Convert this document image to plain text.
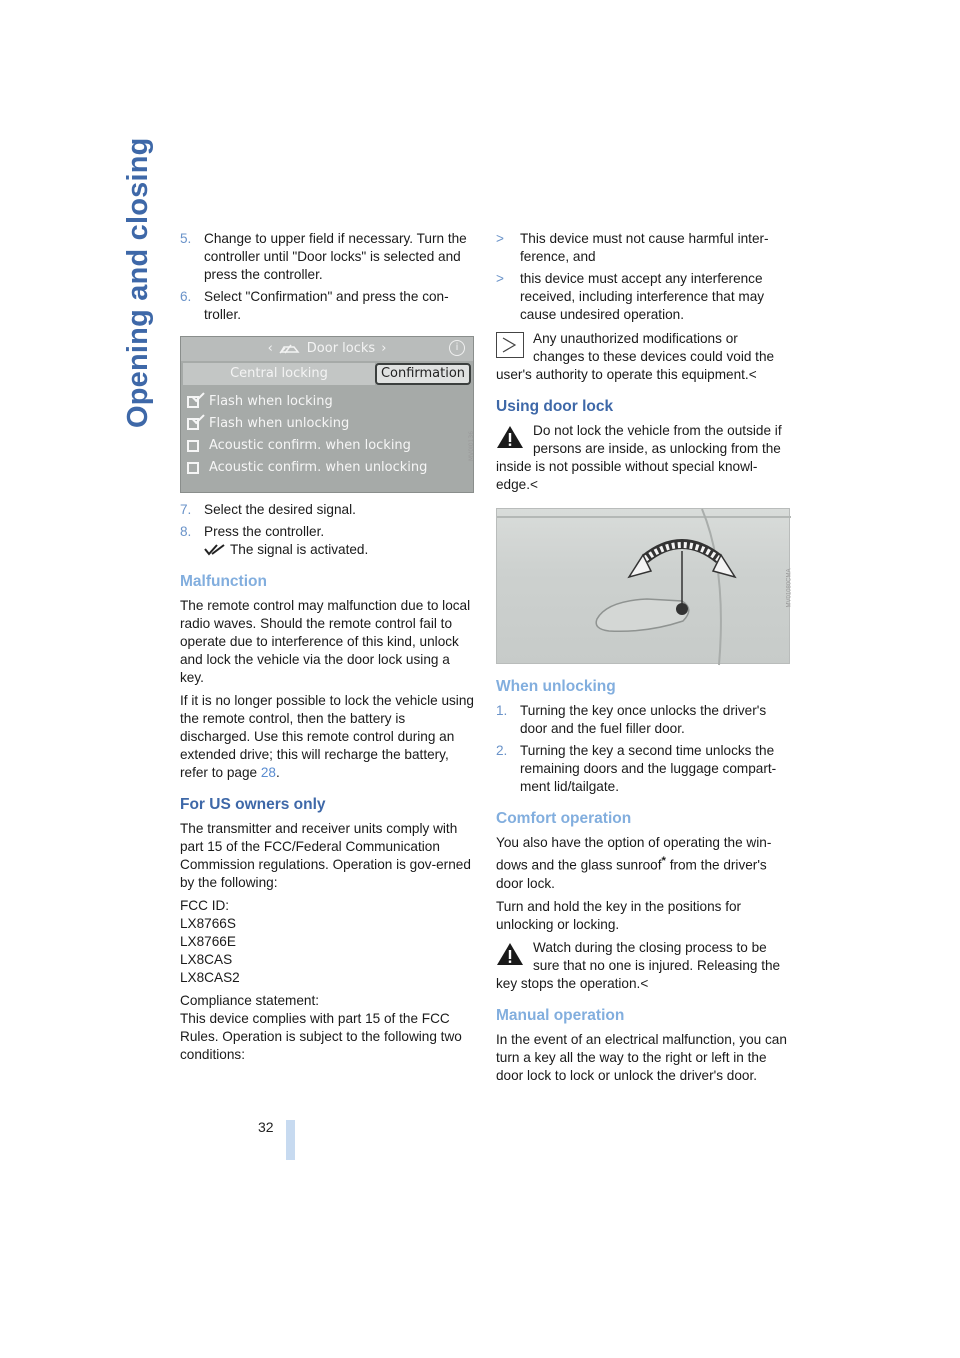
Opening and closing
32
5. Change to upper field if necessary. Turn the controller until "Door locks" is selected and press the controller.
6. Select "Confirmation" and press the con-troller.
‹	Door locks ›	i
Central locking	Confirmation
Flash when locking
Flash when unlocking
Acoustic confirm. when locking
Acoustic confirm. when unlocking
MV0I0136
7. Select the desired signal.
8. Press the controller.
The signal is activated.
Malfunction

The remote control may malfunction due to local radio waves. Should the remote control fail to operate due to interference of this kind, unlock and lock the vehicle via the door lock using a key.

If it is no longer possible to lock the vehicle using the remote control, then the battery is discharged. Use this remote control during an extended drive; this will recharge the battery, refer to page 28.

For US owners only

The transmitter and receiver units comply with part 15 of the FCC/Federal Communication Commission regulations. Operation is gov-erned by the following:

FCC ID:
LX8766S
LX8766E
LX8CAS
LX8CAS2

Compliance statement:
This device complies with part 15 of the FCC Rules. Operation is subject to the following two conditions:

>	This device must not cause harmful inter-ference, and
>	this device must accept any interference received, including interference that may cause undesired operation.
Any unauthorized modifications or changes to these devices could void the
user's authority to operate this equipment.<
Using door lock
Do not lock the vehicle from the outside if persons are inside, as unlocking from the
inside is not possible without special knowl-edge.<
MV01080CMA
When unlocking
1. Turning the key once unlocks the driver's door and the fuel filler door.
2. Turning the key a second time unlocks the remaining doors and the luggage compart-ment lid/tailgate.
Comfort operation

You also have the option of operating the win-dows and the glass sunroof* from the driver's door lock.

Turn and hold the key in the positions for unlocking or locking.

Watch during the closing process to be sure that no one is injured. Releasing the
key stops the operation.<
Manual operation

In the event of an electrical malfunction, you can turn a key all the way to the right or left in the door lock to lock or unlock the driver's door.
